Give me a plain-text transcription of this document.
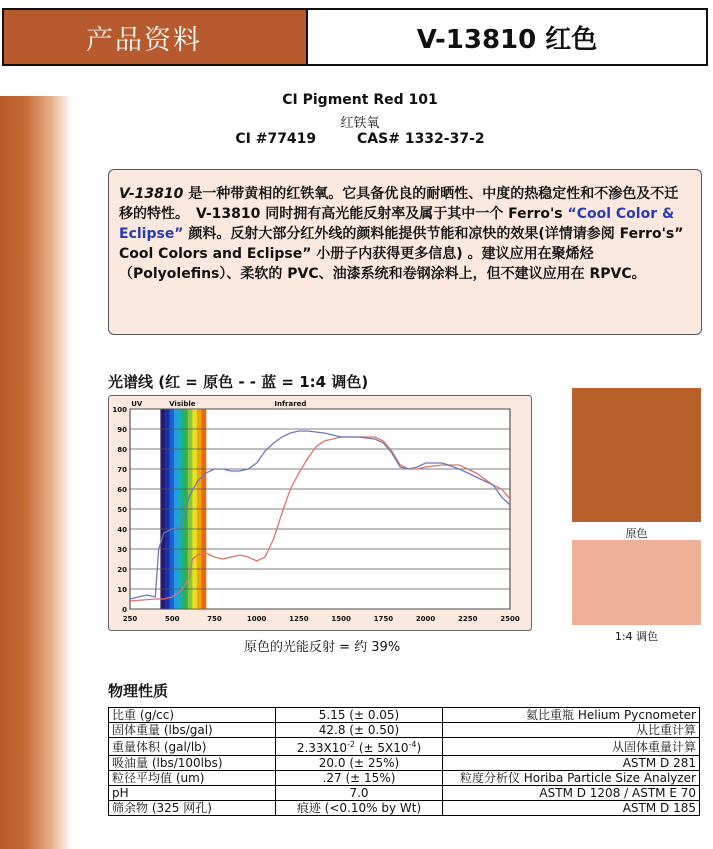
产品资料	V-13810 红色
CI Pigment Red 101
红铁氧
CI #77419	CAS# 1332-37-2
V-13810 是一种带黄相的红铁氧。它具备优良的耐晒性、中度的热稳定性和不渗色及不迁移的特性。　V-13810 同时拥有高光能反射率及属于其中一个 Ferro's “Cool Color & Eclipse” 颜料。反射大部分红外线的颜料能提供节能和凉快的效果(详情请参阅 Ferro's” Cool Colors and Eclipse” 小册子内获得更多信息) 。建议应用在聚烯烃（Polyolefins）、柔软的 PVC、油漆系统和卷钢涂料上，但不建议应用在 RPVC。
光谱线 (红 = 原色 - - 蓝 = 1:4 调色)
0
10
20
30
40
50
60
70
80
90
100
250	500	750	1000	1250	1500	1750	2000	2250	2500
UV	Visible	Infrared
原色
1:4 调色
原色的光能反射 = 约 39%
物理性质
比重 (g/cc)	5.15 (± 0.05)	氦比重瓶 Helium Pycnometer
固体重量 (lbs/gal)	42.8 (± 0.50)	从比重计算
重量体积 (gal/lb)	$2.33X10^{-2}$ (± $5X10^{-4}$)	从固体重量计算
吸油量 (lbs/100lbs)	20.0 (± 25%)	ASTM D 281
粒径平均值 (um)	.27 (± 15%)	粒度分析仪 Horiba Particle Size Analyzer
pH	7.0	ASTM D 1208 / ASTM E 70
筛余物 (325 网孔)	痕迹 (<0.10% by Wt)	ASTM D 185
